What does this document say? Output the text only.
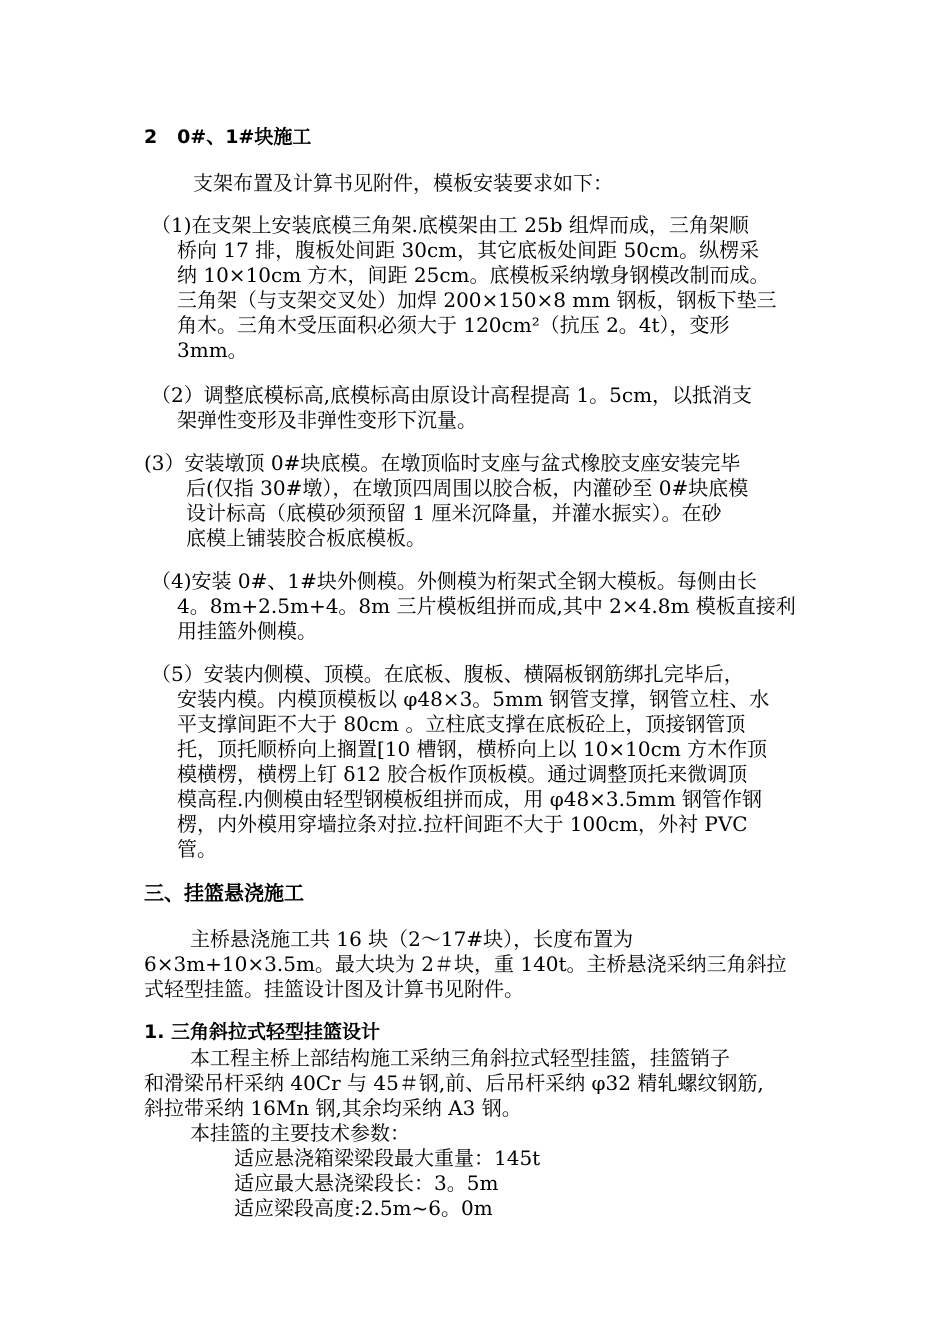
2   0#、1#块施工
支架布置及计算书见附件，模板安装要求如下：
（1)在支架上安装底模三角架.底模架由工 25b 组焊而成，三角架顺
桥向 17 排，腹板处间距 30cm，其它底板处间距 50cm。纵楞采
纳 10×10cm 方木，间距 25cm。底模板采纳墩身钢模改制而成。
三角架（与支架交叉处）加焊 200×150×8 mm 钢板，钢板下垫三
角木。三角木受压面积必须大于 120cm²（抗压 2。4t），变形
3mm。
（2）调整底模标高,底模标高由原设计高程提高 1。5cm，以抵消支
架弹性变形及非弹性变形下沉量。
(3）安装墩顶 0#块底模。在墩顶临时支座与盆式橡胶支座安装完毕
后(仅指 30#墩），在墩顶四周围以胶合板，内灌砂至 0#块底模
设计标高（底模砂须预留 1 厘米沉降量，并灌水振实）。在砂
底模上铺装胶合板底模板。
（4)安装 0#、1#块外侧模。外侧模为桁架式全钢大模板。每侧由长
4。8m+2.5m+4。8m 三片模板组拼而成,其中 2×4.8m 模板直接利
用挂篮外侧模。
（5）安装内侧模、顶模。在底板、腹板、横隔板钢筋绑扎完毕后，
安装内模。内模顶模板以 φ48×3。5mm 钢管支撑，钢管立柱、水
平支撑间距不大于 80cm 。立柱底支撑在底板砼上，顶接钢管顶
托，顶托顺桥向上搁置[10 槽钢，横桥向上以 10×10cm 方木作顶
模横楞，横楞上钉 δ12 胶合板作顶板模。通过调整顶托来微调顶
模高程.内侧模由轻型钢模板组拼而成，用 φ48×3.5mm 钢管作钢
楞，内外模用穿墙拉条对拉.拉杆间距不大于 100cm，外衬 PVC
管。
三、挂篮悬浇施工
主桥悬浇施工共 16 块（2～17#块），长度布置为
6×3m+10×3.5m。最大块为 2＃块，重 140t。主桥悬浇采纳三角斜拉
式轻型挂篮。挂篮设计图及计算书见附件。
1. 三角斜拉式轻型挂篮设计
本工程主桥上部结构施工采纳三角斜拉式轻型挂篮，挂篮销子
和滑梁吊杆采纳 40Cr 与 45＃钢,前、后吊杆采纳 φ32 精轧螺纹钢筋,
斜拉带采纳 16Mn 钢,其余均采纳 A3 钢。
本挂篮的主要技术参数：
适应悬浇箱梁梁段最大重量：145t
适应最大悬浇梁段长：3。5m
适应梁段高度:2.5m~6。0m
